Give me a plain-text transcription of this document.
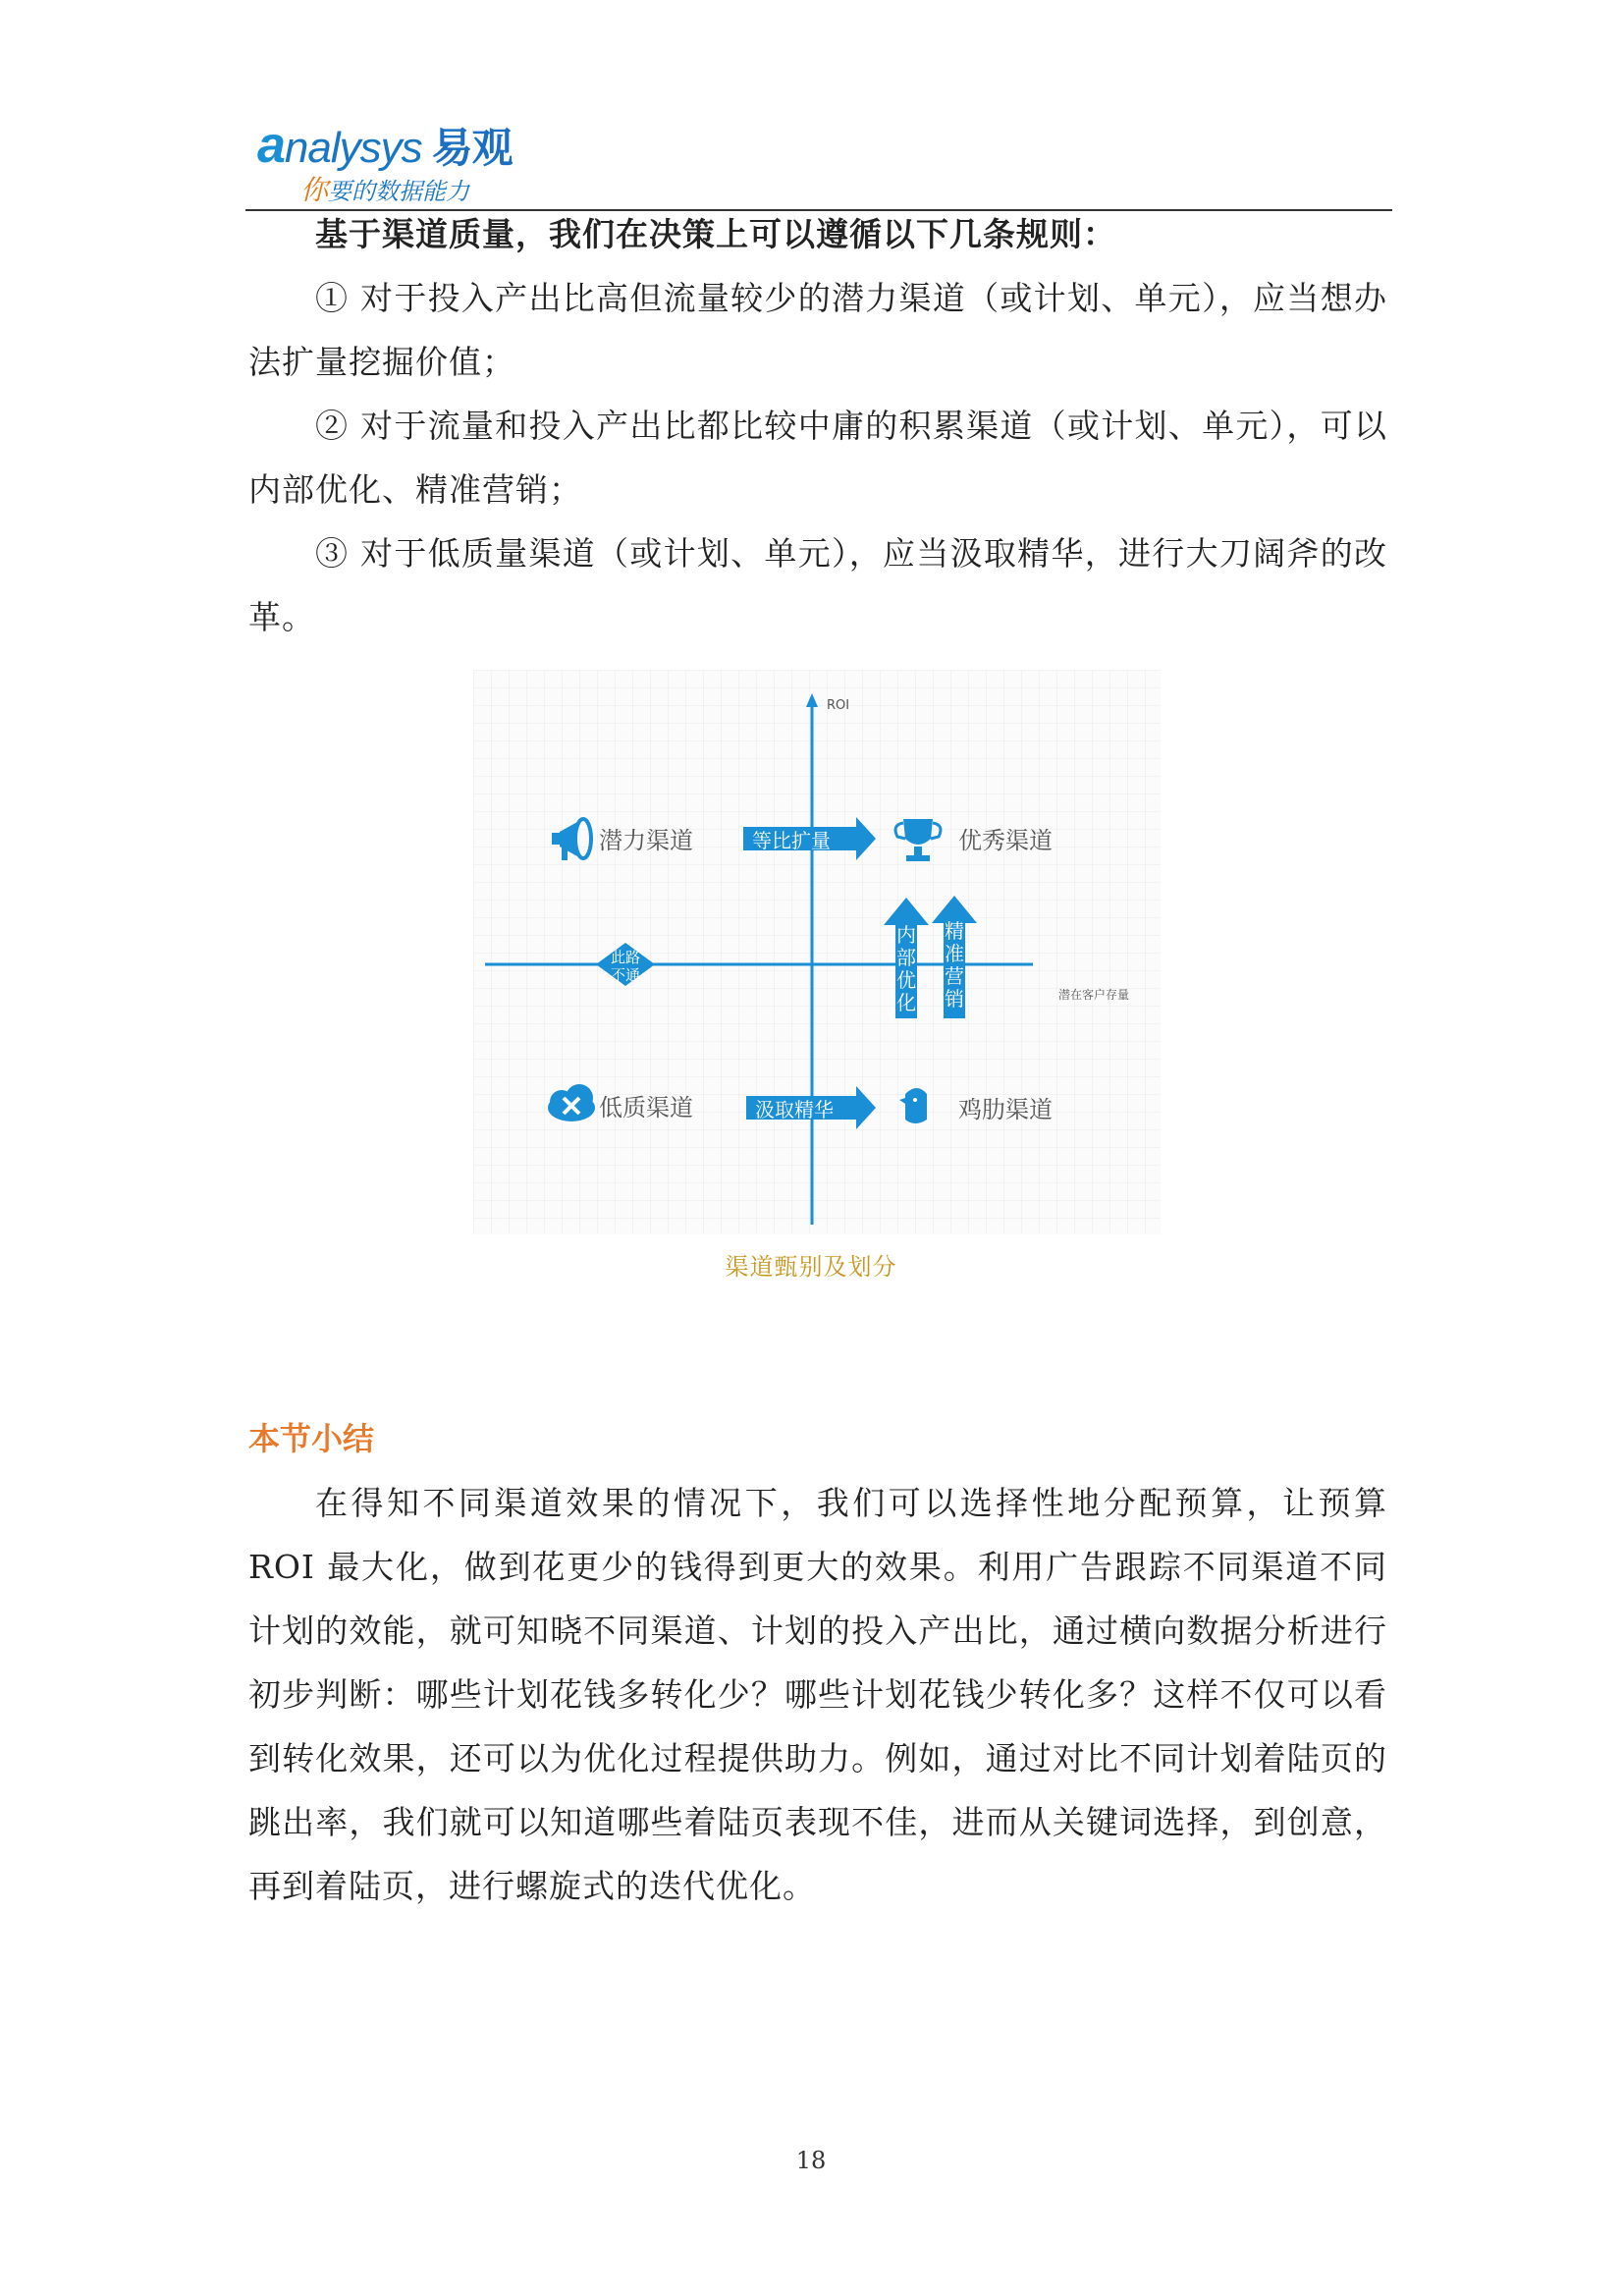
analysys 易观
你要的数据能力
基于渠道质量，我们在决策上可以遵循以下几条规则：
① 对于投入产出比高但流量较少的潜力渠道（或计划、单元），应当想办法扩量挖掘价值；
② 对于流量和投入产出比都比较中庸的积累渠道（或计划、单元），可以内部优化、精准营销；
③ 对于低质量渠道（或计划、单元），应当汲取精华，进行大刀阔斧的改革。
ROI
潜在客户存量
潜力渠道	等比扩量	优秀渠道
内部优化
精准营销
此路不通
低质渠道	汲取精华	鸡肋渠道
渠道甄别及划分
本节小结
在得知不同渠道效果的情况下，我们可以选择性地分配预算，让预算 ROI 最大化，做到花更少的钱得到更大的效果。利用广告跟踪不同渠道不同计划的效能，就可知晓不同渠道、计划的投入产出比，通过横向数据分析进行初步判断：哪些计划花钱多转化少？哪些计划花钱少转化多？这样不仅可以看到转化效果，还可以为优化过程提供助力。例如，通过对比不同计划着陆页的跳出率，我们就可以知道哪些着陆页表现不佳，进而从关键词选择，到创意，再到着陆页，进行螺旋式的迭代优化。
18
